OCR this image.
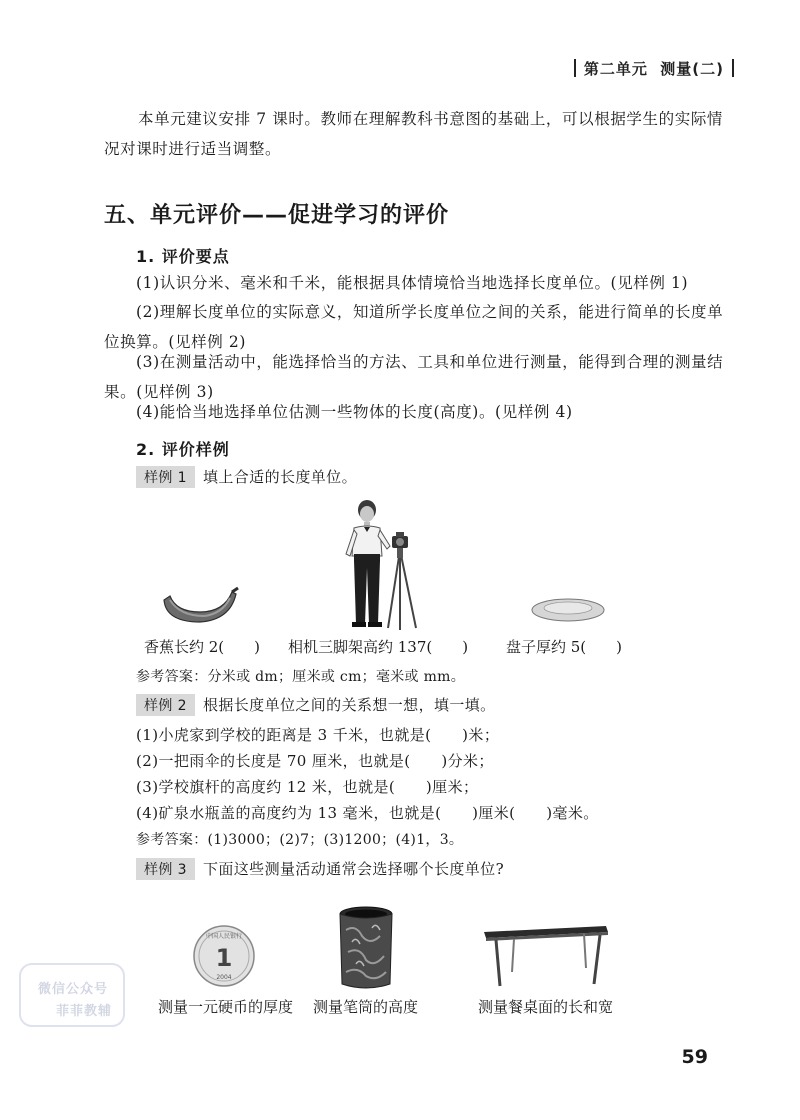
第二单元 测量(二)
本单元建议安排 7 课时。教师在理解教科书意图的基础上，可以根据学生的实际情况对课时进行适当调整。
五、单元评价——促进学习的评价
1. 评价要点
(1)认识分米、毫米和千米，能根据具体情境恰当地选择长度单位。(见样例 1)
(2)理解长度单位的实际意义，知道所学长度单位之间的关系，能进行简单的长度单位换算。(见样例 2)
(3)在测量活动中，能选择恰当的方法、工具和单位进行测量，能得到合理的测量结果。(见样例 3)
(4)能恰当地选择单位估测一些物体的长度(高度)。(见样例 4)
2. 评价样例
样例 1 填上合适的长度单位。
香蕉长约 2(　　) 相机三脚架高约 137(　　)	盘子厚约 5(　　)
参考答案：分米或 dm；厘米或 cm；毫米或 mm。
样例 2 根据长度单位之间的关系想一想，填一填。
(1)小虎家到学校的距离是 3 千米，也就是(　　)米；
(2)一把雨伞的长度是 70 厘米，也就是(　　)分米；
(3)学校旗杆的高度约 12 米，也就是(　　)厘米；
(4)矿泉水瓶盖的高度约为 13 毫米，也就是(　　)厘米(　　)毫米。
参考答案：(1)3000；(2)7；(3)1200；(4)1，3。
样例 3 下面这些测量活动通常会选择哪个长度单位?
中国人民银行
1
2004
测量一元硬币的厚度 测量笔筒的高度	测量餐桌面的长和宽
微信公众号
菲菲教辅
59
